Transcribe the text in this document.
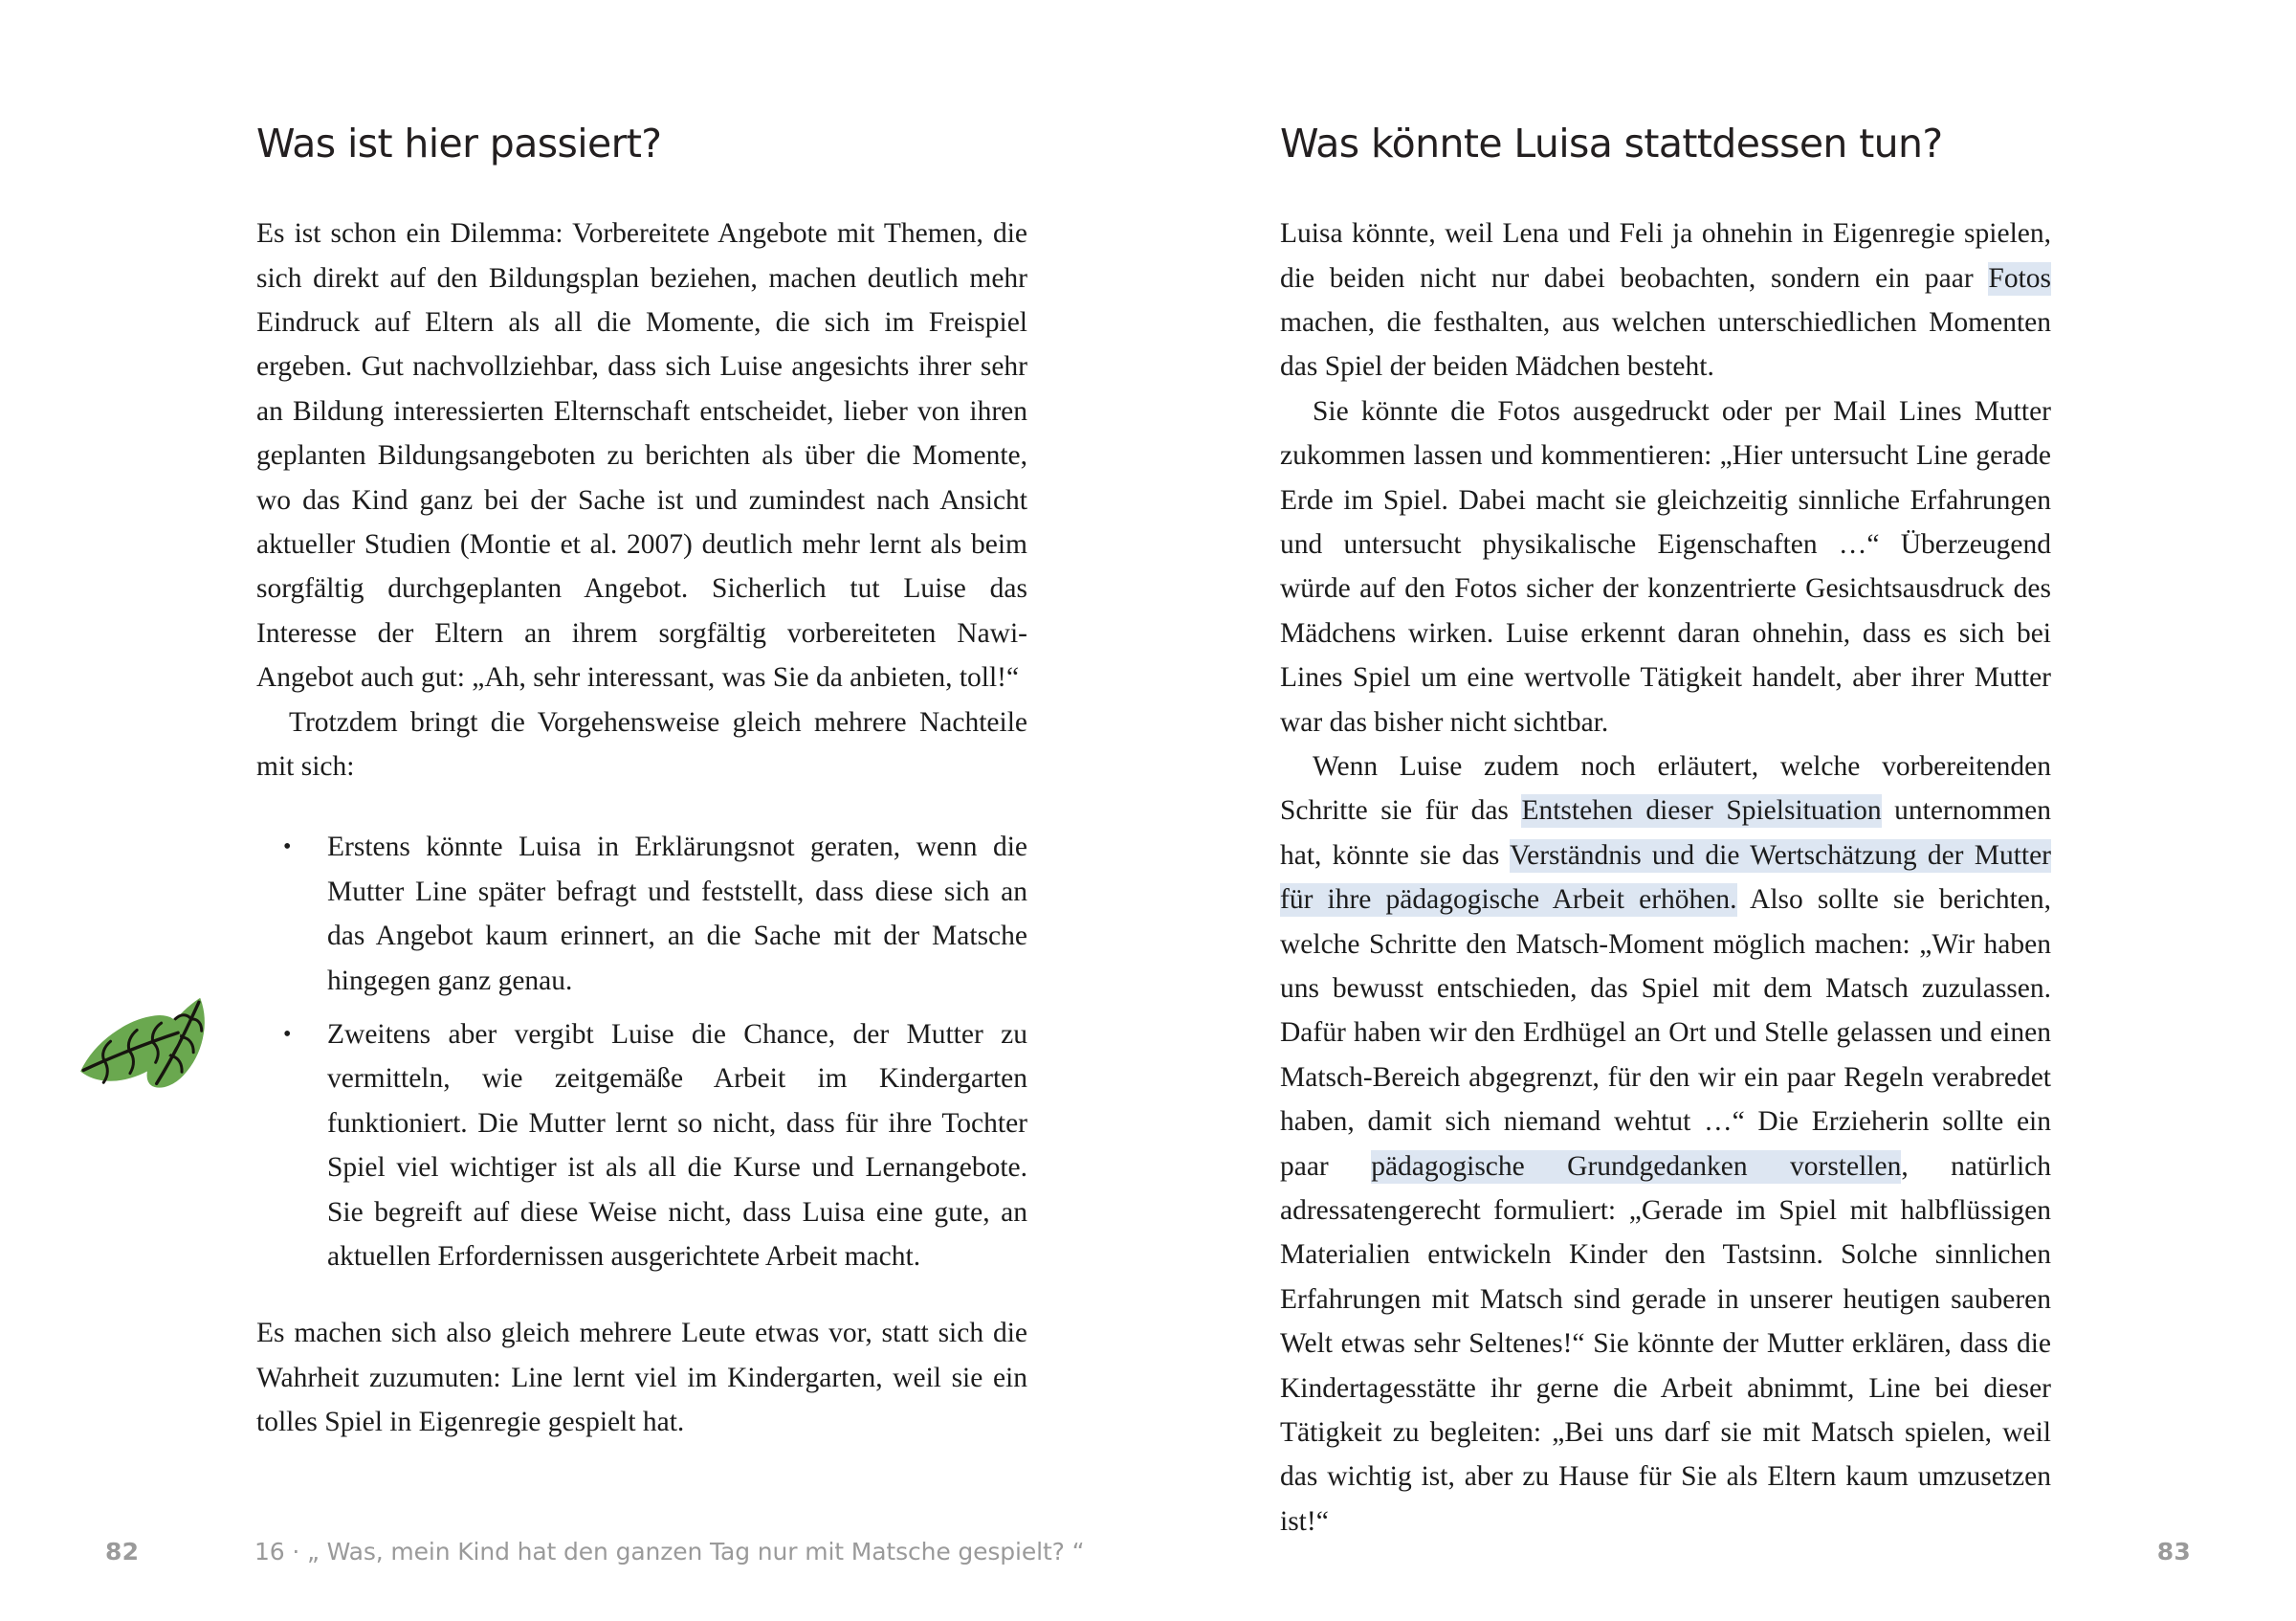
Was ist hier passiert?

Es ist schon ein Dilemma: Vorbereitete Angebote mit Themen, die sich direkt auf den Bildungsplan beziehen, machen deutlich mehr Eindruck auf Eltern als all die Momente, die sich im Freispiel ergeben. Gut nachvollziehbar, dass sich Luise angesichts ihrer sehr an Bildung interessierten Elternschaft entscheidet, lieber von ihren geplanten Bildungsangeboten zu berichten als über die Momente, wo das Kind ganz bei der Sache ist und zumindest nach Ansicht aktueller Studien (Montie et al. 2007) deutlich mehr lernt als beim sorgfältig durchgeplanten Angebot. Sicherlich tut Luise das Interesse der Eltern an ihrem sorgfältig vorbereiteten Nawi-Angebot auch gut: „Ah, sehr interessant, was Sie da anbieten, toll!“

Trotzdem bringt die Vorgehensweise gleich mehrere Nachteile mit sich:

• Erstens könnte Luisa in Erklärungsnot geraten, wenn die Mutter Line später befragt und feststellt, dass diese sich an das Angebot kaum erinnert, an die Sache mit der Matsche hingegen ganz genau.
• Zweitens aber vergibt Luise die Chance, der Mutter zu vermitteln, wie zeitgemäße Arbeit im Kindergarten funktioniert. Die Mutter lernt so nicht, dass für ihre Tochter Spiel viel wichtiger ist als all die Kurse und Lernangebote. Sie begreift auf diese Weise nicht, dass Luisa eine gute, an aktuellen Erfordernissen ausgerichtete Arbeit macht.

Es machen sich also gleich mehrere Leute etwas vor, statt sich die Wahrheit zuzumuten: Line lernt viel im Kindergarten, weil sie ein tolles Spiel in Eigenregie gespielt hat.

82	16 · „ Was, mein Kind hat den ganzen Tag nur mit Matsche gespielt? “
Was könnte Luisa stattdessen tun?

Luisa könnte, weil Lena und Feli ja ohnehin in Eigenregie spielen, die beiden nicht nur dabei beobachten, sondern ein paar Fotos machen, die festhalten, aus welchen unterschiedlichen Momenten das Spiel der beiden Mädchen besteht.

Sie könnte die Fotos ausgedruckt oder per Mail Lines Mutter zukommen lassen und kommentieren: „Hier untersucht Line gerade Erde im Spiel. Dabei macht sie gleichzeitig sinnliche Erfahrungen und untersucht physikalische Eigenschaften …“ Überzeugend würde auf den Fotos sicher der konzentrierte Gesichtsausdruck des Mädchens wirken. Luise erkennt daran ohnehin, dass es sich bei Lines Spiel um eine wertvolle Tätigkeit handelt, aber ihrer Mutter war das bisher nicht sichtbar.

Wenn Luise zudem noch erläutert, welche vorbereitenden Schritte sie für das Entstehen dieser Spielsituation unternommen hat, könnte sie das Verständnis und die Wertschätzung der Mutter für ihre pädagogische Arbeit erhöhen. Also sollte sie berichten, welche Schritte den Matsch-Moment möglich machen: „Wir haben uns bewusst entschieden, das Spiel mit dem Matsch zuzulassen. Dafür haben wir den Erdhügel an Ort und Stelle gelassen und einen Matsch-Bereich abgegrenzt, für den wir ein paar Regeln verabredet haben, damit sich niemand wehtut …“ Die Erzieherin sollte ein paar pädagogische Grundgedanken vorstellen, natürlich adressatengerecht formuliert: „Gerade im Spiel mit halbflüssigen Materialien entwickeln Kinder den Tastsinn. Solche sinnlichen Erfahrungen mit Matsch sind gerade in unserer heutigen sauberen Welt etwas sehr Seltenes!“ Sie könnte der Mutter erklären, dass die Kindertagesstätte ihr gerne die Arbeit abnimmt, Line bei dieser Tätigkeit zu begleiten: „Bei uns darf sie mit Matsch spielen, weil das wichtig ist, aber zu Hause für Sie als Eltern kaum umzusetzen ist!“

83
